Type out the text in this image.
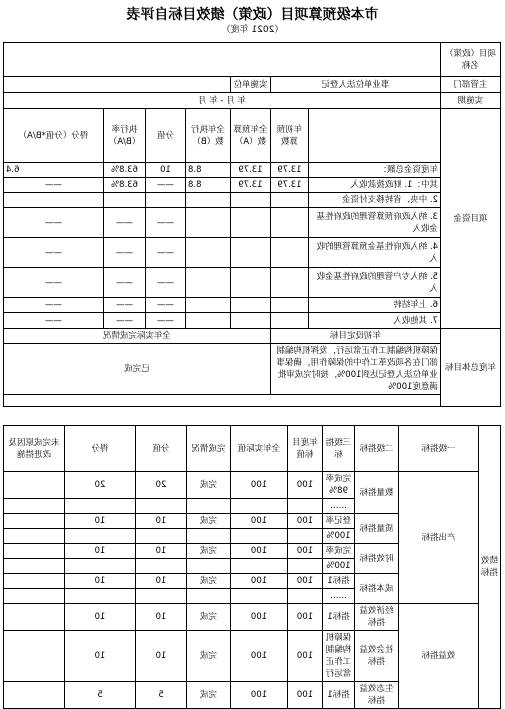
市本级预算项目（政策）绩效目标自评表
（2021 年度）
项目（政策）名称							
主管部门	事业单位法人登记		实施单位				
实施期	年 月 - 年 月						
项目资金		年初预算数	全年预算数（A）	全年执行数（B）	分值	执行率（B/A）	得分（分值*B/A）
	年度资金总额：	13.79	13.79	8.8	10	63.8%	6.4
	其中：1. 财政拨款收入	13.79	13.79	8.8	——	63.8%	——
	2. 中央、省转移支付资金						
	3. 纳入政府预算管理的政府性基金收入				——	——	——
	4. 纳入政府性基金预算管理的收入				——	——	——
	5. 纳入专户管理的政府性基金收入				——	——	——
	6. 上年结转				——	——	——
	7. 其他收入				——	——	——
年度总体目标	年初设定目标		全年实际完成情况				
	保障机构编制工作正常运行，发挥机构编制部门在各项改革工作中的保障作用，确保事业单位法人登记达到100%，按时完成审批满意度100%		已完成				

绩效指标	一级指标	二级指标	三级指标	年度目标值	全年实际值	完成情况	分值	得分	未完成原因及改进措施
	产出指标	数量指标	完成率98%	100	100	完成	20	20	
			……						
		质量指标	登记率	100	100	完成	10	10	
			100%						
		时效指标	完成率	100	100	完成	10	10	
			100%						
		成本指标	指标1	100	100	完成	10	10	
			……						
	效益指标	经济效益指标	指标1	100	100	完成	10	10	
		社会效益指标	保障机构编制工作正常运行	100	100	完成	10	10	
		生态效益指标	指标1	100	100	完成	5	5	
